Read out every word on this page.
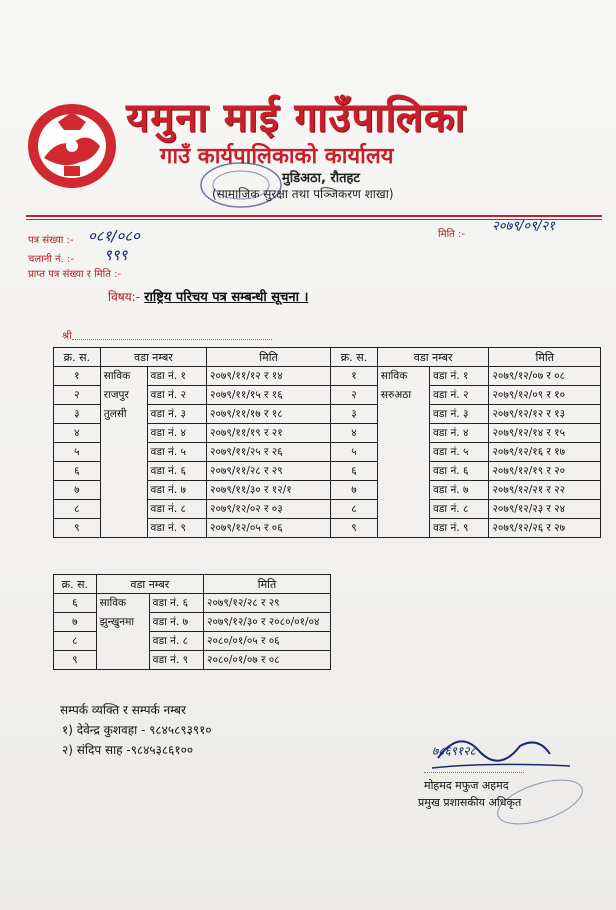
यमुना माई गाउँपालिका
गाउँ कार्यपालिकाको कार्यालय
मुडिअठा, रौतहट
(सामाजिक सुरक्षा तथा पञ्जिकरण शाखा)
पत्र संख्या :- ०८१/०८०
चलानी नं. :- ९९९
प्राप्त पत्र संख्या र मिति :-
मिति :-
२०७९/०९/२१
विषय:- राष्ट्रिय परिचय पत्र सम्बन्धी सूचना ।
श्री
क्र. स.	वडा नम्बर		मिति	क्र. स.	वडा नम्बर		मिति
१	साविक	वडा नं. १	२०७९/११/१२ र १४	१	साविक	वडा नं. १	२०७९/१२/०७ र ०८
२	राजपुर	वडा नं. २	२०७९/११/१५ र १६	२	सरुअठा	वडा नं. २	२०७९/१२/०९ र १०
३	तुलसी	वडा नं. ३	२०७९/११/१७ र १८	३		वडा नं. ३	२०७९/१२/१२ र १३
४		वडा नं. ४	२०७९/११/१९ र २१	४		वडा नं. ४	२०७९/१२/१४ र १५
५		वडा नं. ५	२०७९/११/२५ र २६	५		वडा नं. ५	२०७९/१२/१६ र १७
६		वडा नं. ६	२०७९/११/२८ र २९	६		वडा नं. ६	२०७९/१२/१९ र २०
७		वडा नं. ७	२०७९/११/३० र १२/१	७		वडा नं. ७	२०७९/१२/२१ र २२
८		वडा नं. ८	२०७९/१२/०२ र ०३	८		वडा नं. ८	२०७९/१२/२३ र २४
९		वडा नं. ९	२०७९/१२/०५ र ०६	९		वडा नं. ९	२०७९/१२/२६ र २७
क्र. स.	वडा नम्बर		मिति
६	साविक	वडा नं. ६	२०७९/१२/२८ र २९
७	झुन्खुनमा	वडा नं. ७	२०७९/१२/३० र २०८०/०१/०४
८		वडा नं. ८	२०८०/०१/०५ र ०६
९		वडा नं. ९	२०८०/०१/०७ र ०८
सम्पर्क व्यक्ति र सम्पर्क नम्बर
१) देवेन्द्र कुशवहा - ९८४५८९३९१०
२) संदिप साह -९८४५३८६१००	७८६९१२८
मोहमद मफुज अहमद
प्रमुख प्रशासकीय अधिकृत
